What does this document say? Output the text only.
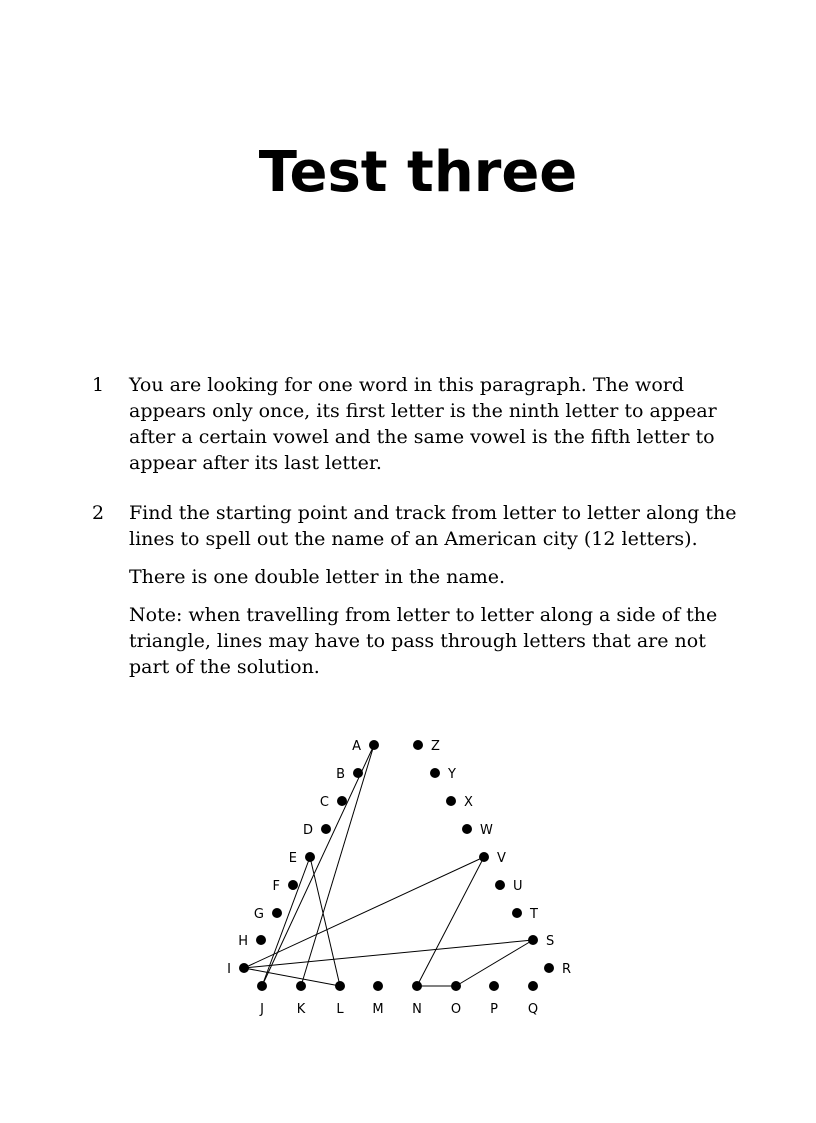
Test three
1 You are looking for one word in this paragraph. The word appears only once, its first letter is the ninth letter to appear after a certain vowel and the same vowel is the fifth letter to appear after its last letter.

2 Find the starting point and track from letter to letter along the lines to spell out the name of an American city (12 letters).

There is one double letter in the name.

Note: when travelling from letter to letter along a side of the triangle, lines may have to pass through letters that are not part of the solution.

A
B
C
D
E
F
G
H
I
J	K L M N O P Q
R
S
T
U
V
W
X
Y
Z
